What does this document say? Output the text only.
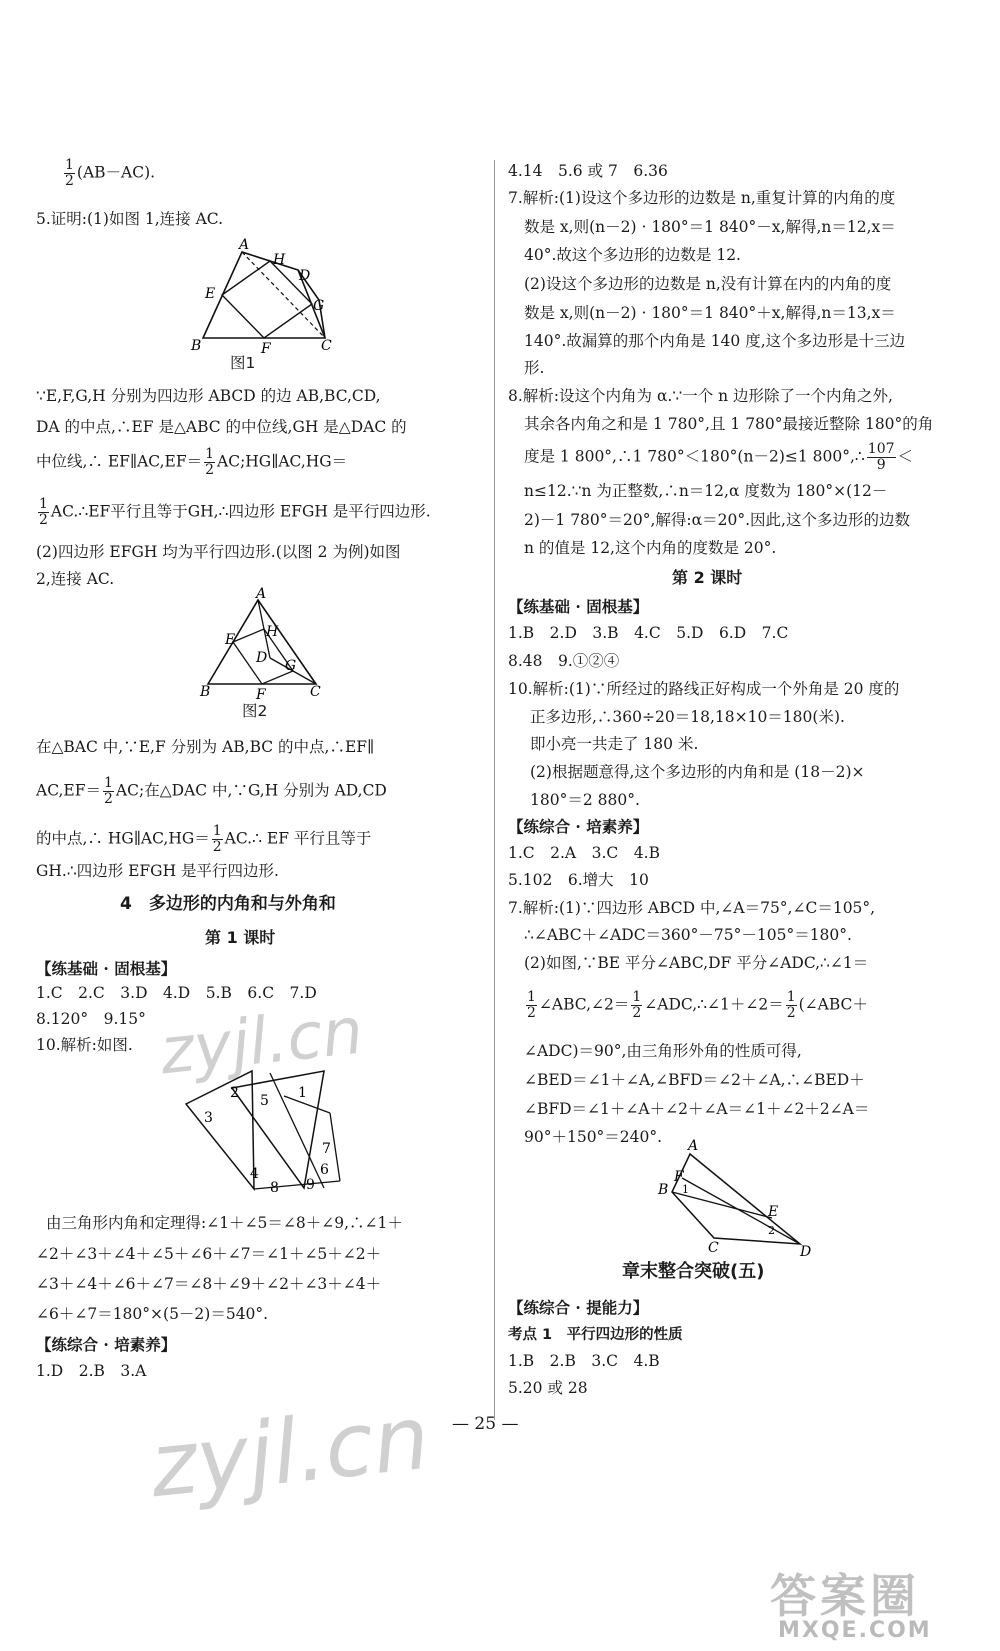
$\frac{1}{2} (AB-AC)$.
5.证明:(1)如图 1,连接 AC.
A
H
D
E
G
B	F	C
图1
∵E,F,G,H 分别为四边形 ABCD 的边 AB,BC,CD,
DA 的中点,∴EF 是△ABC 的中位线,GH 是△DAC 的
中位线,∴ EF∥AC,EF＝ $\frac{1}{2}$ AC;HG∥AC,HG＝
$\frac{1}{2}$ AC.∴EF平行且等于GH,∴四边形 EFGH 是平行四边形.
(2)四边形 EFGH 均为平行四边形.(以图 2 为例)如图
2,连接 AC.
A
H
E
D G
B	F	C
图2
在△BAC 中,∵E,F 分别为 AB,BC 的中点,∴EF∥
$AC,EF= \frac{1}{2}$ AC;在△DAC 中,∵G,H 分别为 AD,CD
的中点,∴ HG∥AC,HG＝ $\frac{1}{2}$ AC.∴ EF 平行且等于
GH.∴四边形 EFGH 是平行四边形.
4　多边形的内角和与外角和
第 1 课时
【练基础 · 固根基】
1.C　2.C　3.D　4.D　5.B　6.C　7.D
8.120°　9.15°
10.解析:如图.
2
3
5 1
7
6
4
8 9
由三角形内角和定理得:∠1＋∠5＝∠8＋∠9,∴∠1＋
∠2＋∠3＋∠4＋∠5＋∠6＋∠7＝∠1＋∠5＋∠2＋
∠3＋∠4＋∠6＋∠7＝∠8＋∠9＋∠2＋∠3＋∠4＋
∠6＋∠7＝180°×(5－2)＝540°.
【练综合 · 培素养】
1.D　2.B　3.A
4.14　5.6 或 7　6.36
7.解析:(1)设这个多边形的边数是 n,重复计算的内角的度
数是 x,则(n－2) · 180°＝1 840°－x,解得,n＝12,x＝
40°.故这个多边形的边数是 12.
(2)设这个多边形的边数是 n,没有计算在内的内角的度
数是 x,则(n－2) · 180°＝1 840°＋x,解得,n＝13,x＝
140°.故漏算的那个内角是 140 度,这个多边形是十三边
形.
8.解析:设这个内角为 α.∵一个 n 边形除了一个内角之外,
其余各内角之和是 1 780°,且 1 780°最接近整除 180°的角
度是 1 800°,∴1 780°＜180°(n－2)≤1 800°,∴ $\frac{107}{9}$ ＜
n≤12.∵n 为正整数,∴n＝12,α 度数为 180°×(12－
2)－1 780°＝20°,解得:α＝20°.因此,这个多边形的边数
n 的值是 12,这个内角的度数是 20°.
第 2 课时
【练基础 · 固根基】
1.B　2.D　3.B　4.C　5.D　6.D　7.C
8.48　9.①②④
10.解析:(1)∵所经过的路线正好构成一个外角是 20 度的
正多边形,∴360÷20＝18,18×10＝180(米).
即小亮一共走了 180 米.
(2)根据题意得,这个多边形的内角和是 (18－2)×
180°＝2 880°.
【练综合 · 培素养】
1.C　2.A　3.C　4.B
5.102　6.增大　10
7.解析:(1)∵四边形 ABCD 中,∠A＝75°,∠C＝105°,
∴∠ABC＋∠ADC＝360°－75°－105°＝180°.
(2)如图,∵BE 平分∠ABC,DF 平分∠ADC,∴∠1＝
$\frac{1}{2}$ ∠ABC,∠2＝ $\frac{1}{2}$ ∠ADC,∴∠1＋∠2＝ $\frac{1}{2}$ (∠ABC＋
∠ADC)＝90°,由三角形外角的性质可得,
∠BED＝∠1＋∠A,∠BFD＝∠2＋∠A,∴∠BED＋
∠BFD＝∠1＋∠A＋∠2＋∠A＝∠1＋∠2＋2∠A＝
90°＋150°＝240°. A
F
B
E
1
2
C	D
章末整合突破(五)
【练综合 · 提能力】
考点 1　平行四边形的性质
1.B　2.B　3.C　4.B
5.20 或 28
— 25 —
zyjl.cn
zyjl.cn
答案圈
MXQE.COM
